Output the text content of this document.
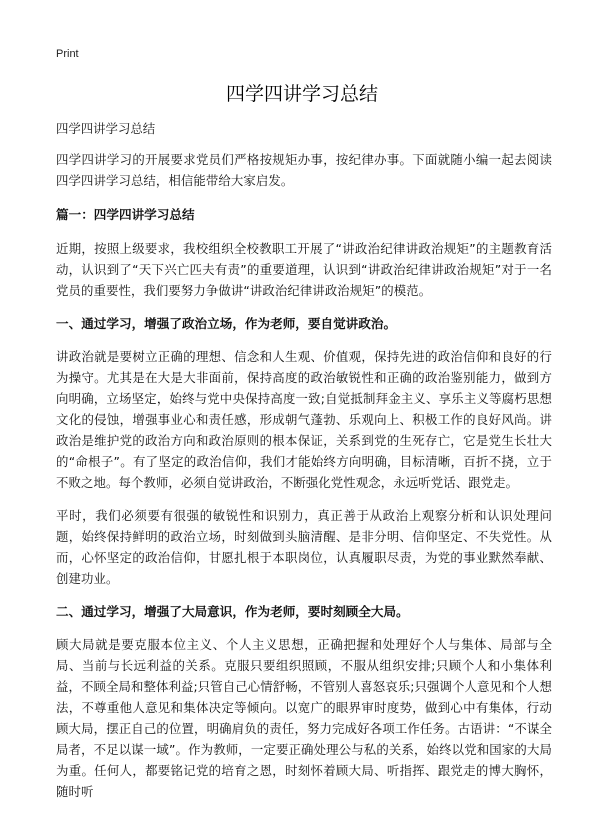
Print
四学四讲学习总结

四学四讲学习总结

四学四讲学习的开展要求党员们严格按规矩办事，按纪律办事。下面就随小编一起去阅读四学四讲学习总结，相信能带给大家启发。

篇一：四学四讲学习总结

近期，按照上级要求，我校组织全校教职工开展了“讲政治纪律讲政治规矩”的主题教育活动，认识到了“天下兴亡匹夫有责”的重要道理，认识到“讲政治纪律讲政治规矩”对于一名党员的重要性，我们要努力争做讲“讲政治纪律讲政治规矩”的模范。

一、通过学习，增强了政治立场，作为老师，要自觉讲政治。

讲政治就是要树立正确的理想、信念和人生观、价值观，保持先进的政治信仰和良好的行为操守。尤其是在大是大非面前，保持高度的政治敏锐性和正确的政治鉴别能力，做到方向明确，立场坚定，始终与党中央保持高度一致;自觉抵制拜金主义、享乐主义等腐朽思想文化的侵蚀，增强事业心和责任感，形成朝气蓬勃、乐观向上、积极工作的良好风尚。讲政治是维护党的政治方向和政治原则的根本保证，关系到党的生死存亡，它是党生长壮大的“命根子”。有了坚定的政治信仰，我们才能始终方向明确，目标清晰，百折不挠，立于不败之地。每个教师，必须自觉讲政治，不断强化党性观念，永远听党话、跟党走。

平时，我们必须要有很强的敏锐性和识别力，真正善于从政治上观察分析和认识处理问题，始终保持鲜明的政治立场，时刻做到头脑清醒、是非分明、信仰坚定、不失党性。从而，心怀坚定的政治信仰，甘愿扎根于本职岗位，认真履职尽责，为党的事业默然奉献、创建功业。

二、通过学习，增强了大局意识，作为老师，要时刻顾全大局。

顾大局就是要克服本位主义、个人主义思想，正确把握和处理好个人与集体、局部与全局、当前与长远利益的关系。克服只要组织照顾，不服从组织安排;只顾个人和小集体利益，不顾全局和整体利益;只管自己心情舒畅，不管别人喜怒哀乐;只强调个人意见和个人想法，不尊重他人意见和集体决定等倾向。以宽广的眼界审时度势，做到心中有集体，行动顾大局，摆正自己的位置，明确肩负的责任，努力完成好各项工作任务。古语讲：“不谋全局者，不足以谋一域”。作为教师，一定要正确处理公与私的关系，始终以党和国家的大局为重。任何人，都要铭记党的培育之恩，时刻怀着顾大局、听指挥、跟党走的博大胸怀，随时听
